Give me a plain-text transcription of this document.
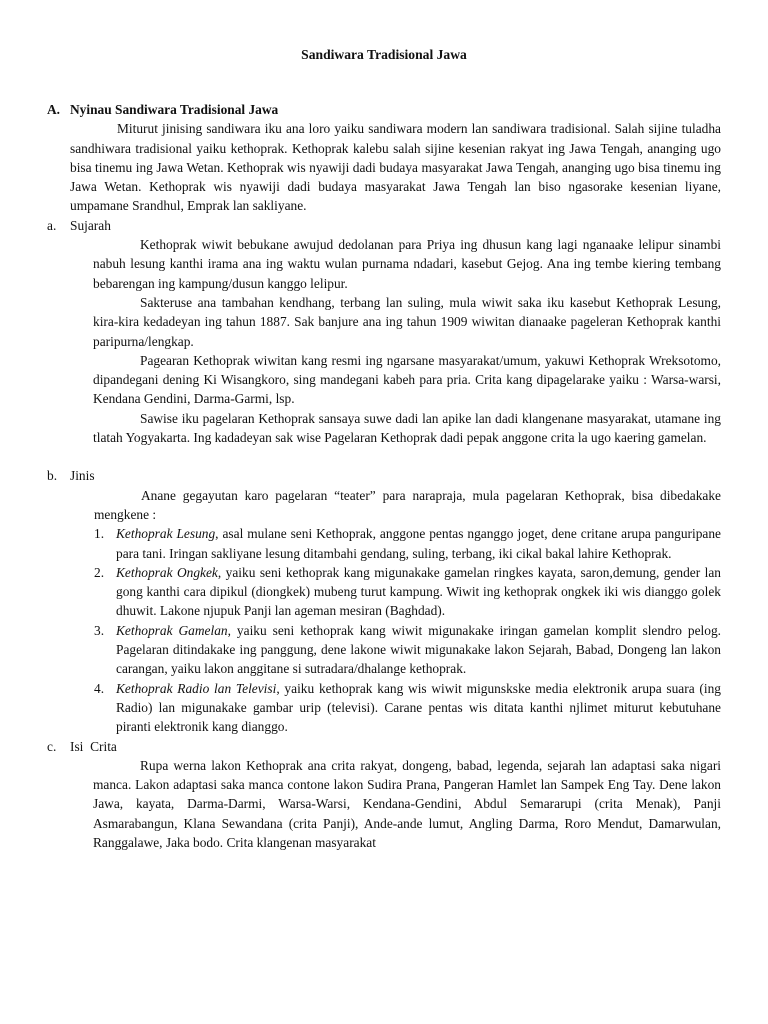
Sandiwara Tradisional Jawa
A. Nyinau Sandiwara Tradisional Jawa

Miturut jinising sandiwara iku ana loro yaiku sandiwara modern lan sandiwara tradisional. Salah sijine tuladha sandhiwara tradisional yaiku kethoprak. Kethoprak kalebu salah sijine kesenian rakyat ing Jawa Tengah, ananging ugo bisa tinemu ing Jawa Wetan. Kethoprak wis nyawiji dadi budaya masyarakat Jawa Tengah, ananging ugo bisa tinemu ing Jawa Wetan. Kethoprak wis nyawiji dadi budaya masyarakat Jawa Tengah lan biso ngasorake kesenian liyane, umpamane Srandhul, Emprak lan sakliyane.

a. Sujarah

Kethoprak wiwit bebukane awujud dedolanan para Priya ing dhusun kang lagi nganaake lelipur sinambi nabuh lesung kanthi irama ana ing waktu wulan purnama ndadari, kasebut Gejog. Ana ing tembe kiering tembang bebarengan ing kampung/dusun kanggo lelipur.

Sakteruse ana tambahan kendhang, terbang lan suling, mula wiwit saka iku kasebut Kethoprak Lesung, kira-kira kedadeyan ing tahun 1887. Sak banjure ana ing tahun 1909 wiwitan dianaake pageleran Kethoprak kanthi paripurna/lengkap.

Pagearan Kethoprak wiwitan kang resmi ing ngarsane masyarakat/umum, yakuwi Kethoprak Wreksotomo, dipandegani dening Ki Wisangkoro, sing mandegani kabeh para pria. Crita kang dipagelarake yaiku : Warsa-warsi, Kendana Gendini, Darma-Garmi, lsp.

Sawise iku pagelaran Kethoprak sansaya suwe dadi lan apike lan dadi klangenane masyarakat, utamane ing tlatah Yogyakarta. Ing kadadeyan sak wise Pagelaran Kethoprak dadi pepak anggone crita la ugo kaering gamelan.

b. Jinis

Anane gegayutan karo pagelaran “teater” para narapraja, mula pagelaran Kethoprak, bisa dibedakake mengkene :

1. Kethoprak Lesung, asal mulane seni Kethoprak, anggone pentas nganggo joget, dene critane arupa panguripane para tani. Iringan sakliyane lesung ditambahi gendang, suling, terbang, iki cikal bakal lahire Kethoprak.
2. Kethoprak Ongkek, yaiku seni kethoprak kang migunakake gamelan ringkes kayata, saron,demung, gender lan gong kanthi cara dipikul (diongkek) mubeng turut kampung. Wiwit ing kethoprak ongkek iki wis dianggo golek dhuwit. Lakone njupuk Panji lan ageman mesiran (Baghdad).
3. Kethoprak Gamelan, yaiku seni kethoprak kang wiwit migunakake iringan gamelan komplit slendro pelog. Pagelaran ditindakake ing panggung, dene lakone wiwit migunakake lakon Sejarah, Babad, Dongeng lan lakon carangan, yaiku lakon anggitane si sutradara/dhalange kethoprak.
4. Kethoprak Radio lan Televisi, yaiku kethoprak kang wis wiwit migunskske media elektronik arupa suara (ing Radio) lan migunakake gambar urip (televisi). Carane pentas wis ditata kanthi njlimet miturut kebutuhane piranti elektronik kang dianggo.
c. Isi  Crita

Rupa werna lakon Kethoprak ana crita rakyat, dongeng, babad, legenda, sejarah lan adaptasi saka nigari manca. Lakon adaptasi saka manca contone lakon Sudira Prana, Pangeran Hamlet lan Sampek Eng Tay. Dene lakon Jawa, kayata, Darma-Darmi, Warsa-Warsi, Kendana-Gendini, Abdul Semararupi (crita Menak), Panji Asmarabangun, Klana Sewandana (crita Panji), Ande-ande lumut, Angling Darma, Roro Mendut, Damarwulan, Ranggalawe, Jaka bodo. Crita klangenan masyarakat
